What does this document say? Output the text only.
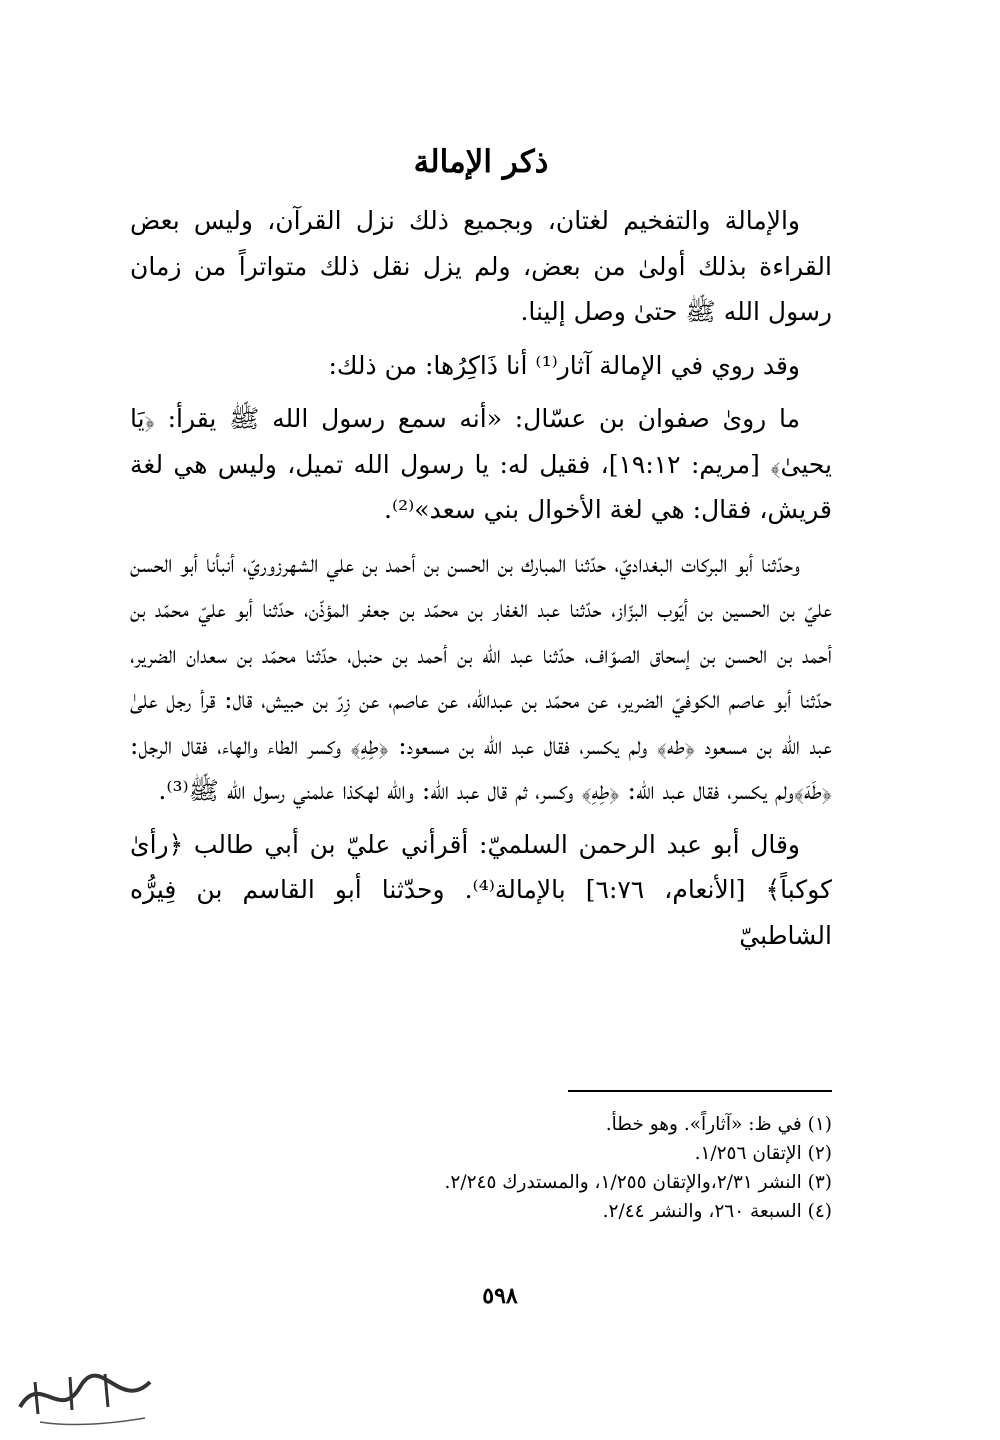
ذكر الإمالة

والإمالة والتفخيم لغتان، وبجميع ذلك نزل القرآن، وليس بعض القراءة بذلك أولىٰ من بعض، ولم يزل نقل ذلك متواتراً من زمان رسول الله ﷺ حتىٰ وصل إلينا.

وقد روي في الإمالة آثار⁽¹⁾ أنا ذَاكِرُها: من ذلك:

ما روىٰ صفوان بن عسّال: «أنه سمع رسول الله ﷺ يقرأ: ﴿يَا يحيىٰ﴾ [مريم: ١٩:١٢]، فقيل له: يا رسول الله تميل، وليس هي لغة قريش، فقال: هي لغة الأخوال بني سعد»⁽²⁾.

وحدّثنا أبو البركات البغداديّ، حدّثنا المبارك بن الحسن بن أحمد بن علي الشهرزوريّ، أنبأنا أبو الحسن عليّ بن الحسين بن أيّوب البزّاز، حدّثنا عبد الغفار بن محمّد بن جعفر المؤذّن، حدّثنا أبو عليّ محمّد بن أحمد بن الحسن بن إسحاق الصوّاف، حدّثنا عبد الله بن أحمد بن حنبل، حدّثنا محمّد بن سعدان الضرير، حدّثنا أبو عاصم الكوفيّ الضرير، عن محمّد بن عبدالله، عن عاصم، عن زِرّ بن حبيش، قال: قرأ رجل علىٰ عبد الله بن مسعود ﴿طه﴾ ولم يكسر، فقال عبد الله بن مسعود: ﴿طِهِ﴾ وكسر الطاء والهاء، فقال الرجل: ﴿طَهَ﴾ولم يكسر، فقال عبد الله: ﴿طِهِ﴾ وكسر، ثم قال عبد الله: والله لهكذا علمني رسول الله ﷺ⁽³⁾.

وقال أبو عبد الرحمن السلميّ: أقرأني عليّ بن أبي طالب ﴿رأىٰ كوكباً﴾ [الأنعام، ٦:٧٦] بالإمالة⁽⁴⁾. وحدّثنا أبو القاسم بن فِيرُّه الشاطبيّ

(١) في ظ: «آثاراً». وهو خطأ.
(٢) الإتقان ١/٢٥٦.
(٣) النشر ٢/٣١،والإتقان ١/٢٥٥، والمستدرك ٢/٢٤٥.
(٤) السبعة ٢٦٠، والنشر ٢/٤٤.
٥٩٨
